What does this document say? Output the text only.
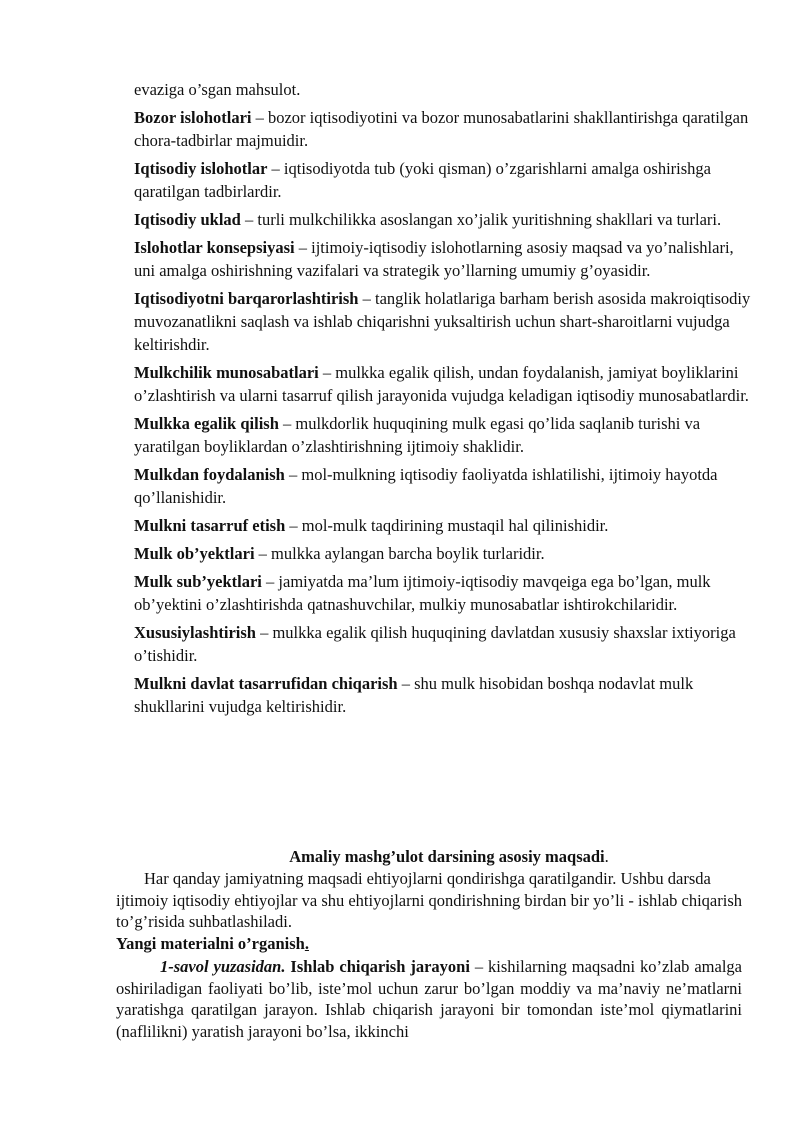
evaziga o’sgan mahsulot.

Bozor islohotlari – bozor iqtisodiyotini va bozor munosabatlarini shakllantirishga qaratilgan chora-tadbirlar majmuidir.

Iqtisodiy islohotlar – iqtisodiyotda tub (yoki qisman) o’zgarishlarni amalga oshirishga qaratilgan tadbirlardir.

Iqtisodiy uklad – turli mulkchilikka asoslangan xo’jalik yuritishning shakllari va turlari.

Islohotlar konsepsiyasi – ijtimoiy-iqtisodiy islohotlarning asosiy maqsad va yo’nalishlari, uni amalga oshirishning vazifalari va strategik yo’llarning umumiy g’oyasidir.

Iqtisodiyotni barqarorlashtirish – tanglik holatlariga barham berish asosida makroiqtisodiy muvozanatlikni saqlash va ishlab chiqarishni yuksaltirish uchun shart-sharoitlarni vujudga keltirishdir.

Mulkchilik munosabatlari – mulkka egalik qilish, undan foydalanish, jamiyat boyliklarini o’zlashtirish va ularni tasarruf qilish jarayonida vujudga keladigan iqtisodiy munosabatlardir.

Mulkka egalik qilish – mulkdorlik huquqining mulk egasi qo’lida saqlanib turishi va yaratilgan boyliklardan o’zlashtirishning ijtimoiy shaklidir.

Mulkdan foydalanish – mol-mulkning iqtisodiy faoliyatda ishlatilishi, ijtimoiy hayotda qo’llanishidir.

Mulkni tasarruf etish – mol-mulk taqdirining mustaqil hal qilinishidir.

Mulk ob’yektlari – mulkka aylangan barcha boylik turlaridir.

Mulk sub’yektlari – jamiyatda ma’lum ijtimoiy-iqtisodiy mavqeiga ega bo’lgan, mulk ob’yektini o’zlashtirishda qatnashuvchilar, mulkiy munosabatlar ishtirokchilaridir.

Xususiylashtirish – mulkka egalik qilish huquqining davlatdan xususiy shaxslar ixtiyoriga o’tishidir.

Mulkni davlat tasarrufidan chiqarish – shu mulk hisobidan boshqa nodavlat mulk shukllarini vujudga keltirishidir.

Amaliy mashg’ulot darsining asosiy maqsadi.

Har qanday jamiyatning maqsadi ehtiyojlarni qondirishga qaratilgandir. Ushbu darsda ijtimoiy iqtisodiy ehtiyojlar va shu ehtiyojlarni qondirishning birdan bir yo’li - ishlab chiqarish to’g’risida suhbatlashiladi.

Yangi materialni o’rganish.

1-savol yuzasidan. Ishlab chiqarish jarayoni – kishilarning maqsadni ko’zlab amalga oshiriladigan faoliyati bo’lib, iste’mol uchun zarur bo’lgan moddiy va ma’naviy ne’matlarni yaratishga qaratilgan jarayon. Ishlab chiqarish jarayoni bir tomondan iste’mol qiymatlarini (naflilikni) yaratish jarayoni bo’lsa, ikkinchi
